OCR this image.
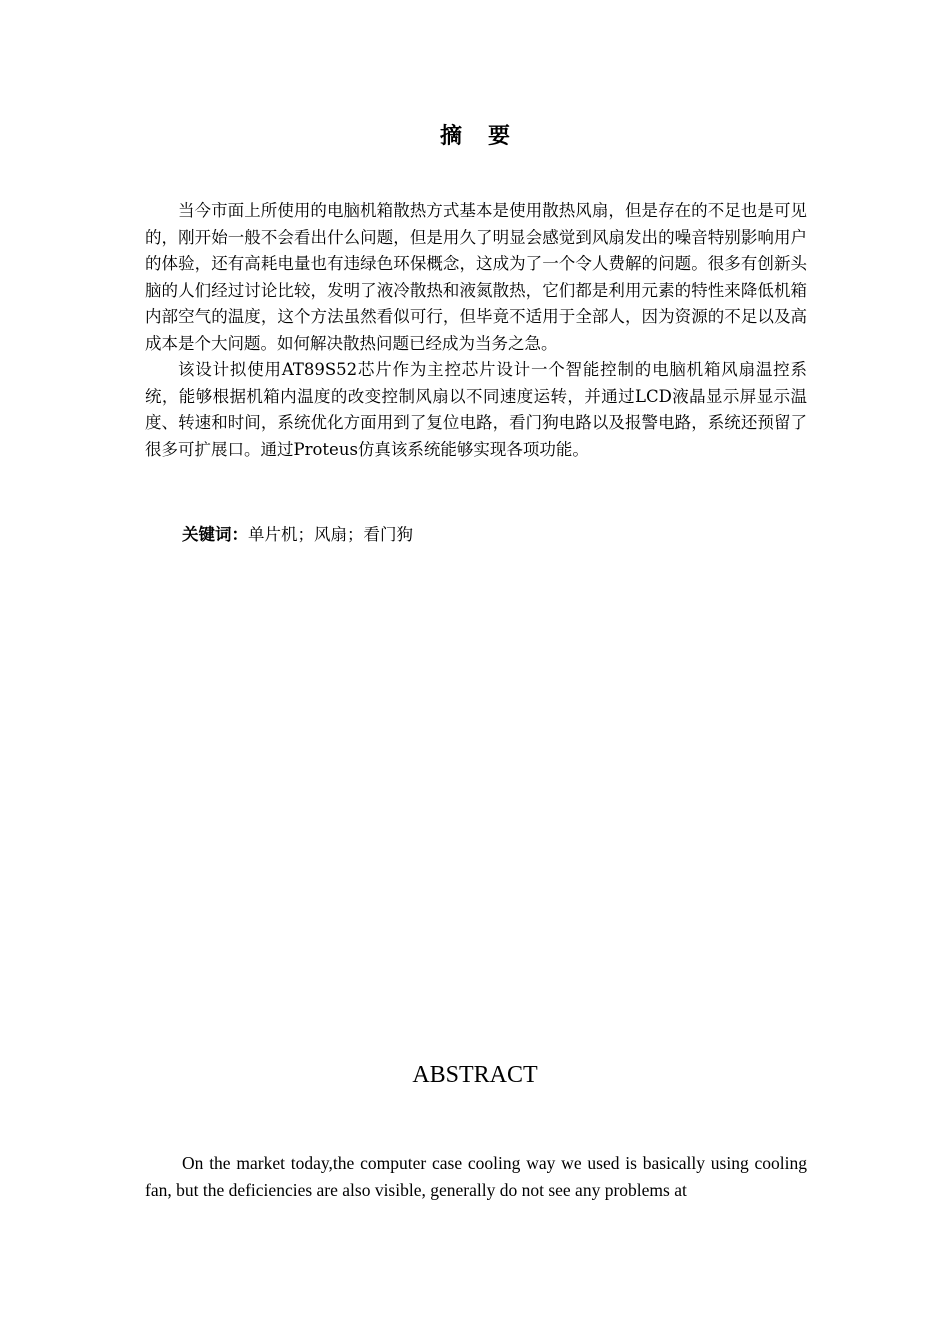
摘要

当今市面上所使用的电脑机箱散热方式基本是使用散热风扇，但是存在的不足也是可见的，刚开始一般不会看出什么问题，但是用久了明显会感觉到风扇发出的噪音特别影响用户的体验，还有高耗电量也有违绿色环保概念，这成为了一个令人费解的问题。很多有创新头脑的人们经过讨论比较，发明了液冷散热和液氮散热，它们都是利用元素的特性来降低机箱内部空气的温度，这个方法虽然看似可行，但毕竟不适用于全部人，因为资源的不足以及高成本是个大问题。如何解决散热问题已经成为当务之急。

该设计拟使用AT89S52芯片作为主控芯片设计一个智能控制的电脑机箱风扇温控系统，能够根据机箱内温度的改变控制风扇以不同速度运转，并通过LCD液晶显示屏显示温度、转速和时间，系统优化方面用到了复位电路，看门狗电路以及报警电路，系统还预留了很多可扩展口。通过Proteus仿真该系统能够实现各项功能。

关键词：单片机；风扇；看门狗
ABSTRACT

On the market today,the computer case cooling way we used is basically using cooling fan, but the deficiencies are also visible, generally do not see any problems at
